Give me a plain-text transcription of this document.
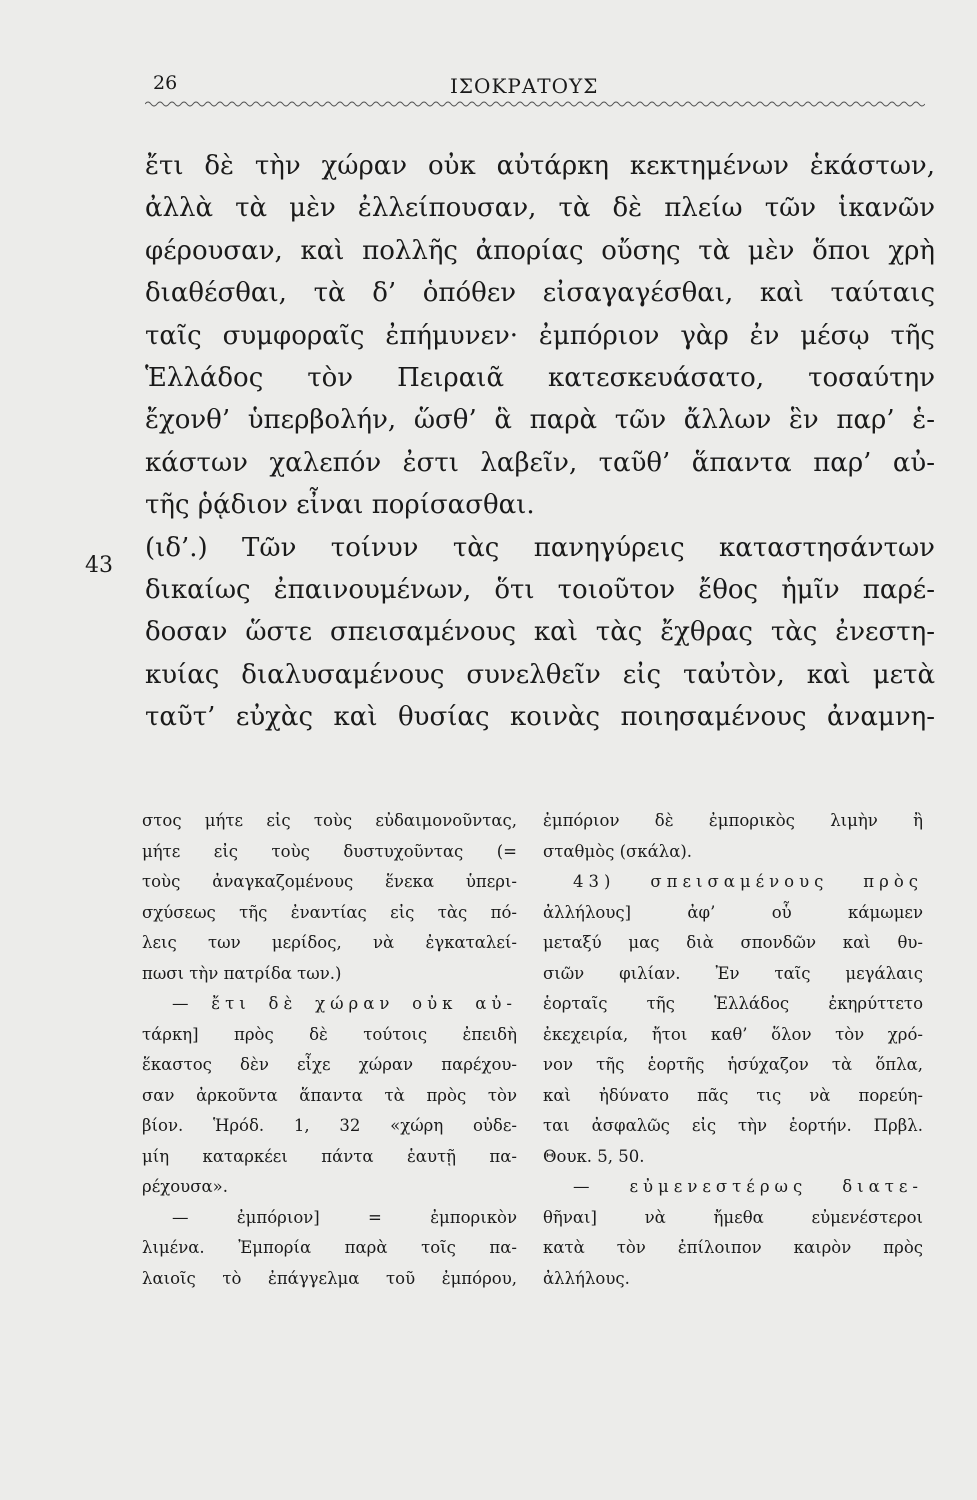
26	ΙΣΟΚΡΑΤΟΥΣ
43
ἔτι δὲ τὴν χώραν οὐκ αὐτάρκη κεκτημένων ἑκάστων,
ἀλλὰ τὰ μὲν ἐλλείπουσαν, τὰ δὲ πλείω τῶν ἱκανῶν
φέρουσαν, καὶ πολλῆς ἀπορίας οὔσης τὰ μὲν ὅποι χρὴ
διαθέσθαι, τὰ δ’ ὁπόθεν εἰσαγαγέσθαι, καὶ ταύταις
ταῖς συμφοραῖς ἐπήμυνεν· ἐμπόριον γὰρ ἐν μέσῳ τῆς
Ἑλλάδος τὸν Πειραιᾶ κατεσκευάσατο, τοσαύτην
ἔχονθ’ ὑπερβολήν, ὥσθ’ ἃ παρὰ τῶν ἄλλων ἓν παρ’ ἑ-
κάστων χαλεπόν ἐστι λαβεῖν, ταῦθ’ ἅπαντα παρ’ αὐ-
τῆς ῥᾴδιον εἶναι πορίσασθαι.
(ιδ’.) Τῶν τοίνυν τὰς πανηγύρεις καταστησάντων
δικαίως ἐπαινουμένων, ὅτι τοιοῦτον ἔθος ἡμῖν παρέ-
δοσαν ὥστε σπεισαμένους καὶ τὰς ἔχθρας τὰς ἐνεστη-
κυίας διαλυσαμένους συνελθεῖν εἰς ταὐτὸν, καὶ μετὰ
ταῦτ’ εὐχὰς καὶ θυσίας κοινὰς ποιησαμένους ἀναμνη-
στος μήτε εἰς τοὺς εὐδαιμονοῦντας,
μήτε εἰς τοὺς δυστυχοῦντας (=
τοὺς ἀναγκαζομένους ἕνεκα ὑπερι-
σχύσεως τῆς ἐναντίας εἰς τὰς πό-
λεις των μερίδος, νὰ ἐγκαταλεί-
πωσι τὴν πατρίδα των.)
— ἔτι δὲ χώραν οὐκ αὐ-
τάρκη] πρὸς δὲ τούτοις ἐπειδὴ
ἕκαστος δὲν εἶχε χώραν παρέχου-
σαν ἀρκοῦντα ἅπαντα τὰ πρὸς τὸν
βίον. Ἡρόδ. 1, 32 «χώρη οὐδε-
μίη καταρκέει πάντα ἑαυτῇ πα-
ρέχουσα».
— ἐμπόριον] = ἐμπορικὸν
λιμένα. Ἐμπορία παρὰ τοῖς πα-
λαιοῖς τὸ ἐπάγγελμα τοῦ ἐμπόρου,
ἐμπόριον δὲ ἐμπορικὸς λιμὴν ἢ
σταθμὸς (σκάλα).
43) σπεισαμένους πρὸς
ἀλλήλους] ἀφ’ οὗ κάμωμεν
μεταξύ μας διὰ σπονδῶν καὶ θυ-
σιῶν φιλίαν. Ἐν ταῖς μεγάλαις
ἑορταῖς τῆς Ἑλλάδος ἐκηρύττετο
ἐκεχειρία, ἤτοι καθ’ ὅλον τὸν χρό-
νον τῆς ἑορτῆς ἡσύχαζον τὰ ὅπλα,
καὶ ἠδύνατο πᾶς τις νὰ πορεύη-
ται ἀσφαλῶς εἰς τὴν ἑορτήν. Πρβλ.
Θουκ. 5, 50.
— εὐμενεστέρως διατε-
θῆναι] νὰ ἤμεθα εὐμενέστεροι
κατὰ τὸν ἐπίλοιπον καιρὸν πρὸς
ἀλλήλους.
